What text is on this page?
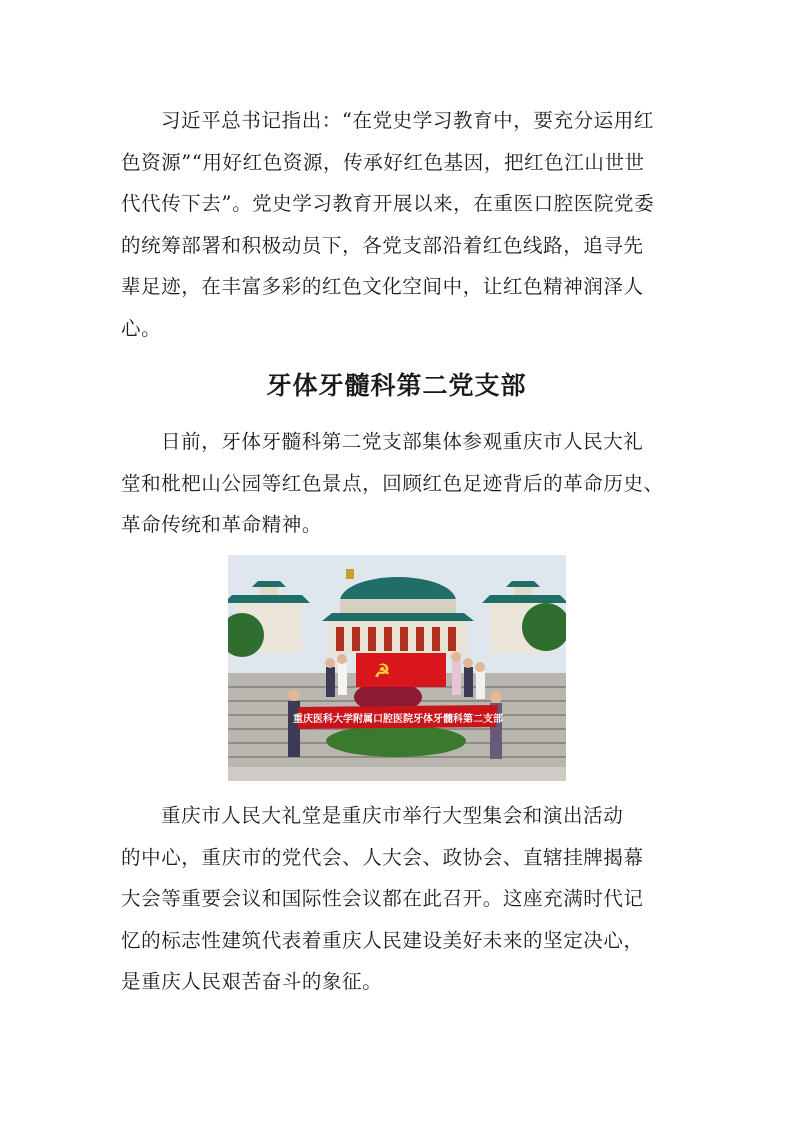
习近平总书记指出：“在党史学习教育中，要充分运用红
色资源”“用好红色资源，传承好红色基因，把红色江山世世
代代传下去”。党史学习教育开展以来，在重医口腔医院党委
的统筹部署和积极动员下，各党支部沿着红色线路，追寻先
辈足迹，在丰富多彩的红色文化空间中，让红色精神润泽人
心。
牙体牙髓科第二党支部
日前，牙体牙髓科第二党支部集体参观重庆市人民大礼
堂和枇杷山公园等红色景点，回顾红色足迹背后的革命历史、
革命传统和革命精神。
☭
重庆医科大学附属口腔医院牙体牙髓科第二支部
重庆市人民大礼堂是重庆市举行大型集会和演出活动
的中心，重庆市的党代会、人大会、政协会、直辖挂牌揭幕
大会等重要会议和国际性会议都在此召开。这座充满时代记
忆的标志性建筑代表着重庆人民建设美好未来的坚定决心，
是重庆人民艰苦奋斗的象征。
